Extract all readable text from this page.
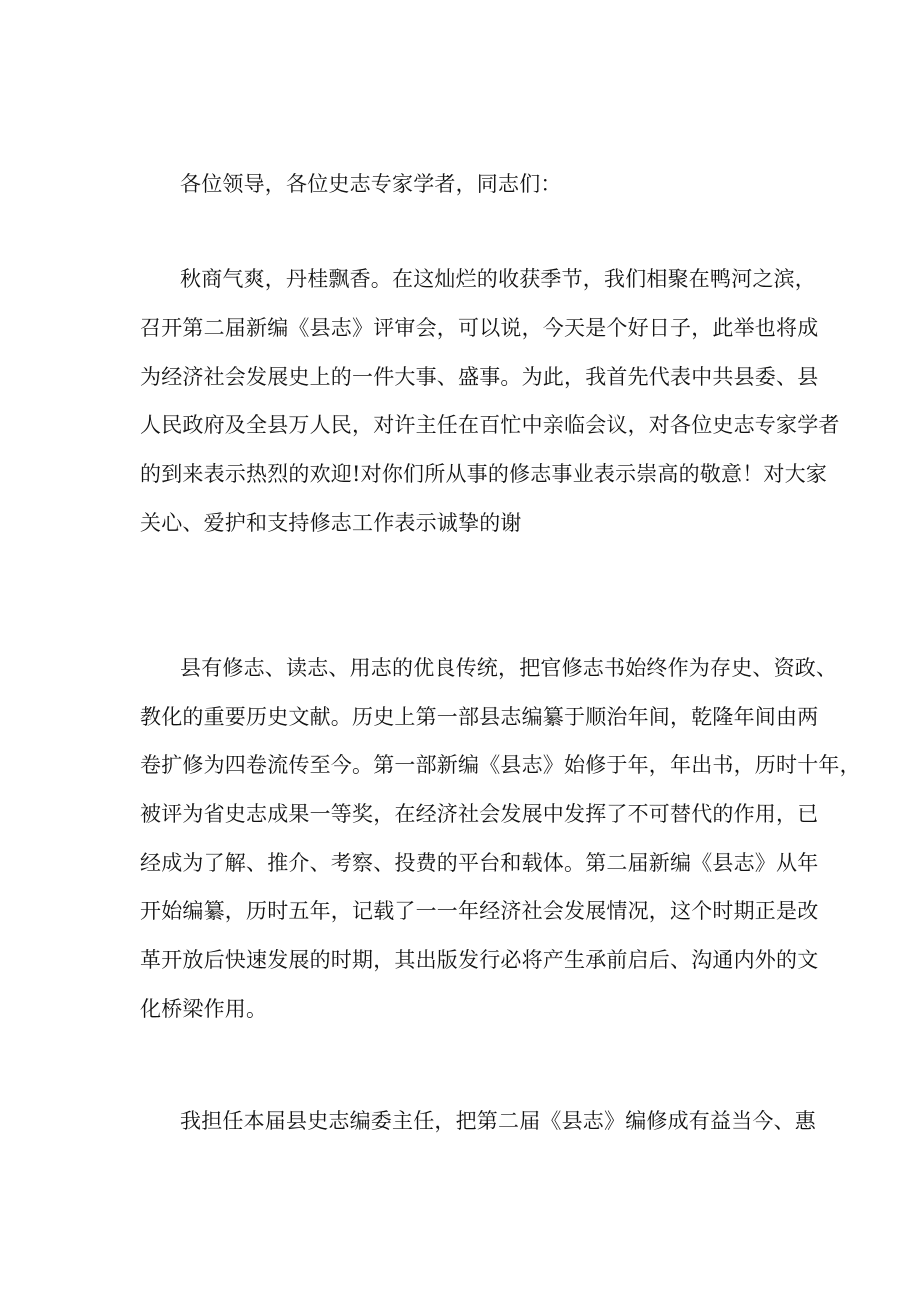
各位领导，各位史志专家学者，同志们：
秋商气爽，丹桂飘香。在这灿烂的收获季节，我们相聚在鸭河之滨，
召开第二届新编《县志》评审会，可以说，今天是个好日子，此举也将成
为经济社会发展史上的一件大事、盛事。为此，我首先代表中共县委、县
人民政府及全县万人民，对许主任在百忙中亲临会议，对各位史志专家学者
的到来表示热烈的欢迎!对你们所从事的修志事业表示崇高的敬意！对大家
关心、爱护和支持修志工作表示诚挚的谢
县有修志、读志、用志的优良传统，把官修志书始终作为存史、资政、
教化的重要历史文献。历史上第一部县志编纂于顺治年间，乾隆年间由两
卷扩修为四卷流传至今。第一部新编《县志》始修于年，年出书，历时十年，
被评为省史志成果一等奖，在经济社会发展中发挥了不可替代的作用，已
经成为了解、推介、考察、投费的平台和载体。第二届新编《县志》从年
开始编纂，历时五年，记载了一一年经济社会发展情况，这个时期正是改
革开放后快速发展的时期，其出版发行必将产生承前启后、沟通内外的文
化桥梁作用。
我担任本届县史志编委主任，把第二届《县志》编修成有益当今、惠
